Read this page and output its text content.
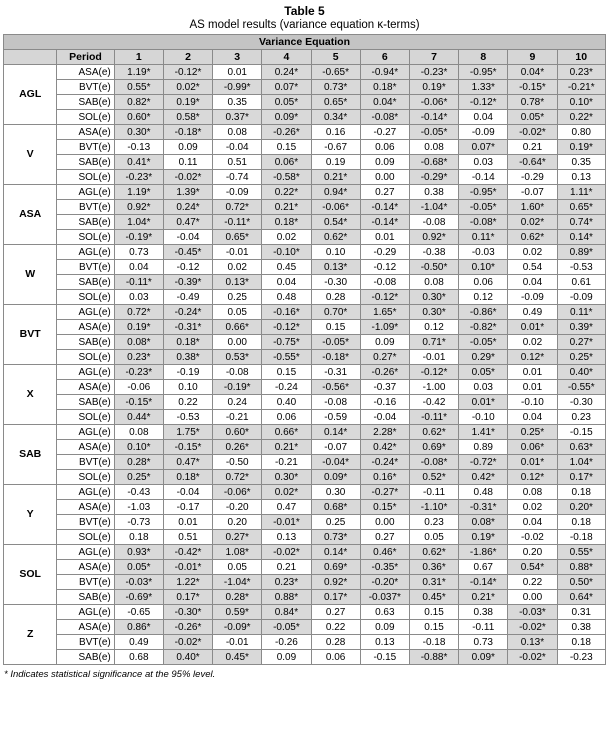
Table 5
AS model results (variance equation κ-terms)
Variance Equation											
	Period	1	2	3	4	5	6	7	8	9	10
AGL	ASA(e)	1.19*	-0.12*	0.01	0.24*	-0.65*	-0.94*	-0.23*	-0.95*	0.04*	0.23*
	BVT(e)	0.55*	0.02*	-0.99*	0.07*	0.73*	0.18*	0.19*	1.33*	-0.15*	-0.21*
	SAB(e)	0.82*	0.19*	0.35	0.05*	0.65*	0.04*	-0.06*	-0.12*	0.78*	0.10*
	SOL(e)	0.60*	0.58*	0.37*	0.09*	0.34*	-0.08*	-0.14*	0.04	0.05*	0.22*
V	ASA(e)	0.30*	-0.18*	0.08	-0.26*	0.16	-0.27	-0.05*	-0.09	-0.02*	0.80
	BVT(e)	-0.13	0.09	-0.04	0.15	-0.67	0.06	0.08	0.07*	0.21	0.19*
	SAB(e)	0.41*	0.11	0.51	0.06*	0.19	0.09	-0.68*	0.03	-0.64*	0.35
	SOL(e)	-0.23*	-0.02*	-0.74	-0.58*	0.21*	0.00	-0.29*	-0.14	-0.29	0.13
ASA	AGL(e)	1.19*	1.39*	-0.09	0.22*	0.94*	0.27	0.38	-0.95*	-0.07	1.11*
	BVT(e)	0.92*	0.24*	0.72*	0.21*	-0.06*	-0.14*	-1.04*	-0.05*	1.60*	0.65*
	SAB(e)	1.04*	0.47*	-0.11*	0.18*	0.54*	-0.14*	-0.08	-0.08*	0.02*	0.74*
	SOL(e)	-0.19*	-0.04	0.65*	0.02	0.62*	0.01	0.92*	0.11*	0.62*	0.14*
W	AGL(e)	0.73	-0.45*	-0.01	-0.10*	0.10	-0.29	-0.38	-0.03	0.02	0.89*
	BVT(e)	0.04	-0.12	0.02	0.45	0.13*	-0.12	-0.50*	0.10*	0.54	-0.53
	SAB(e)	-0.11*	-0.39*	0.13*	0.04	-0.30	-0.08	0.08	0.06	0.04	0.61
	SOL(e)	0.03	-0.49	0.25	0.48	0.28	-0.12*	0.30*	0.12	-0.09	-0.09
BVT	AGL(e)	0.72*	-0.24*	0.05	-0.16*	0.70*	1.65*	0.30*	-0.86*	0.49	0.11*
	ASA(e)	0.19*	-0.31*	0.66*	-0.12*	0.15	-1.09*	0.12	-0.82*	0.01*	0.39*
	SAB(e)	0.08*	0.18*	0.00	-0.75*	-0.05*	0.09	0.71*	-0.05*	0.02	0.27*
	SOL(e)	0.23*	0.38*	0.53*	-0.55*	-0.18*	0.27*	-0.01	0.29*	0.12*	0.25*
X	AGL(e)	-0.23*	-0.19	-0.08	0.15	-0.31	-0.26*	-0.12*	0.05*	0.01	0.40*
	ASA(e)	-0.06	0.10	-0.19*	-0.24	-0.56*	-0.37	-1.00	0.03	0.01	-0.55*
	SAB(e)	-0.15*	0.22	0.24	0.40	-0.08	-0.16	-0.42	0.01*	-0.10	-0.30
	SOL(e)	0.44*	-0.53	-0.21	0.06	-0.59	-0.04	-0.11*	-0.10	0.04	0.23
SAB	AGL(e)	0.08	1.75*	0.60*	0.66*	0.14*	2.28*	0.62*	1.41*	0.25*	-0.15
	ASA(e)	0.10*	-0.15*	0.26*	0.21*	-0.07	0.42*	0.69*	0.89	0.06*	0.63*
	BVT(e)	0.28*	0.47*	-0.50	-0.21	-0.04*	-0.24*	-0.08*	-0.72*	0.01*	1.04*
	SOL(e)	0.25*	0.18*	0.72*	0.30*	0.09*	0.16*	0.52*	0.42*	0.12*	0.17*
Y	AGL(e)	-0.43	-0.04	-0.06*	0.02*	0.30	-0.27*	-0.11	0.48	0.08	0.18
	ASA(e)	-1.03	-0.17	-0.20	0.47	0.68*	0.15*	-1.10*	-0.31*	0.02	0.20*
	BVT(e)	-0.73	0.01	0.20	-0.01*	0.25	0.00	0.23	0.08*	0.04	0.18
	SOL(e)	0.18	0.51	0.27*	0.13	0.73*	0.27	0.05	0.19*	-0.02	-0.18
SOL	AGL(e)	0.93*	-0.42*	1.08*	-0.02*	0.14*	0.46*	0.62*	-1.86*	0.20	0.55*
	ASA(e)	0.05*	-0.01*	0.05	0.21	0.69*	-0.35*	0.36*	0.67	0.54*	0.88*
	BVT(e)	-0.03*	1.22*	-1.04*	0.23*	0.92*	-0.20*	0.31*	-0.14*	0.22	0.50*
	SAB(e)	-0.69*	0.17*	0.28*	0.88*	0.17*	-0.037*	0.45*	0.21*	0.00	0.64*
Z	AGL(e)	-0.65	-0.30*	0.59*	0.84*	0.27	0.63	0.15	0.38	-0.03*	0.31
	ASA(e)	0.86*	-0.26*	-0.09*	-0.05*	0.22	0.09	0.15	-0.11	-0.02*	0.38
	BVT(e)	0.49	-0.02*	-0.01	-0.26	0.28	0.13	-0.18	0.73	0.13*	0.18
	SAB(e)	0.68	0.40*	0.45*	0.09	0.06	-0.15	-0.88*	0.09*	-0.02*	-0.23
* Indicates statistical significance at the 95% level.
